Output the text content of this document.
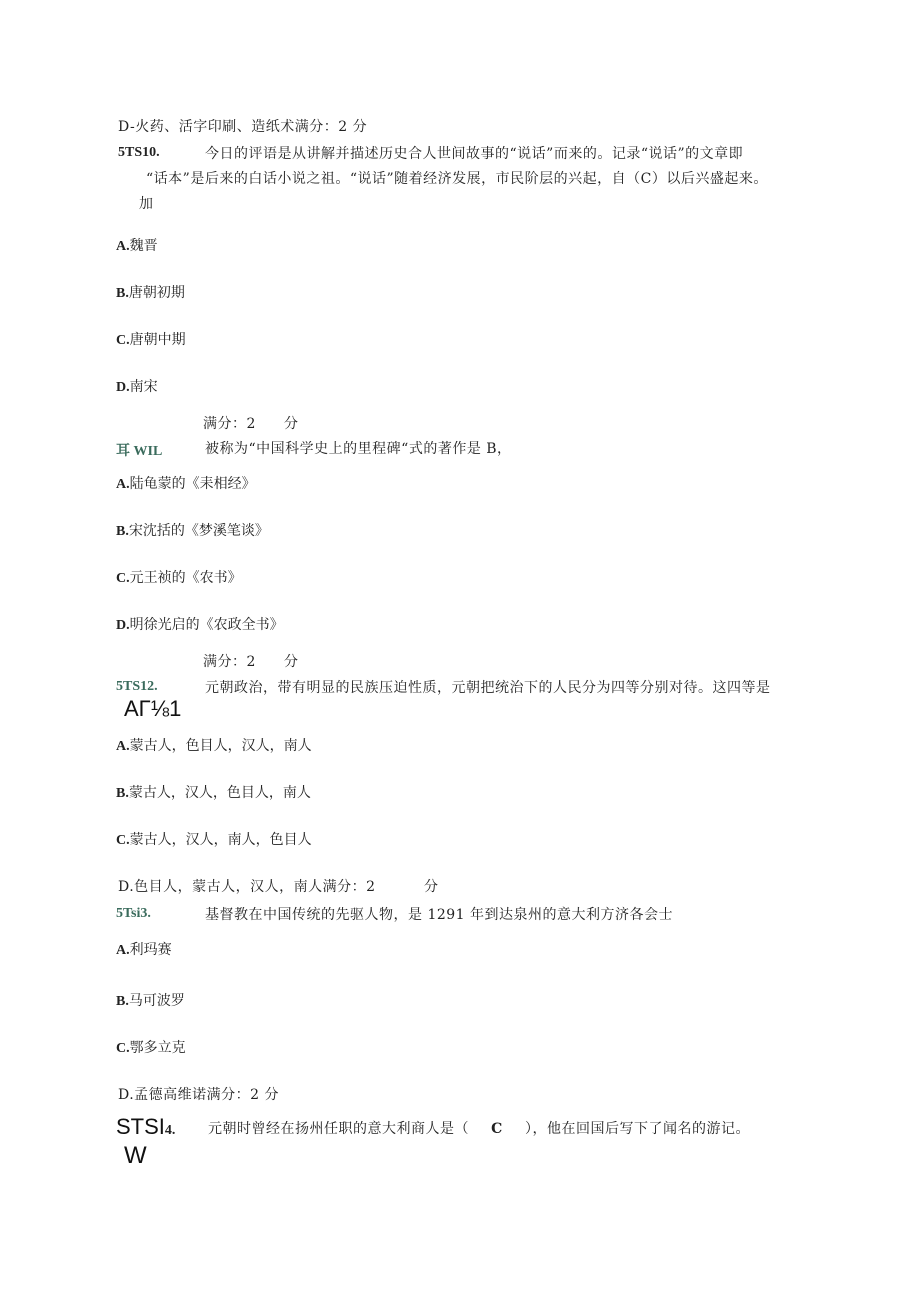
D-火药、活字印刷、造纸术满分：2 分
5TS10.	今日的评语是从讲解并描述历史合人世间故事的“说话”而来的。记录“说话”的文章即
“话本”是后来的白话小说之祖。“说话”随着经济发展，市民阶层的兴起，自（C）以后兴盛起来。
加
A.魏晋
B.唐朝初期
C.唐朝中期
D.南宋
满分：2 分
耳 WIL	被称为“中国科学史上的里程碑“式的著作是 B，
A.陆龟蒙的《耒相经》
B.宋沈括的《梦溪笔谈》
C.元王祯的《农书》
D.明徐光启的《农政全书》
满分：2 分
5TS12.	元朝政治，带有明显的民族压迫性质，元朝把统治下的人民分为四等分别对待。这四等是
AΓ⅛1
A.蒙古人，色目人，汉人，南人
B.蒙古人，汉人，色目人，南人
C.蒙古人，汉人，南人，色目人
D.色目人，蒙古人，汉人，南人满分：2	分
5Tsi3.	基督教在中国传统的先驱人物，是 1291 年到达泉州的意大利方济各会士
A.利玛赛
B.马可波罗
C.鄂多立克
D.孟德高维诺满分：2 分
STSI4.
W
元朝时曾经在扬州任职的意大利商人是（ C ），他在回国后写下了闻名的游记。
